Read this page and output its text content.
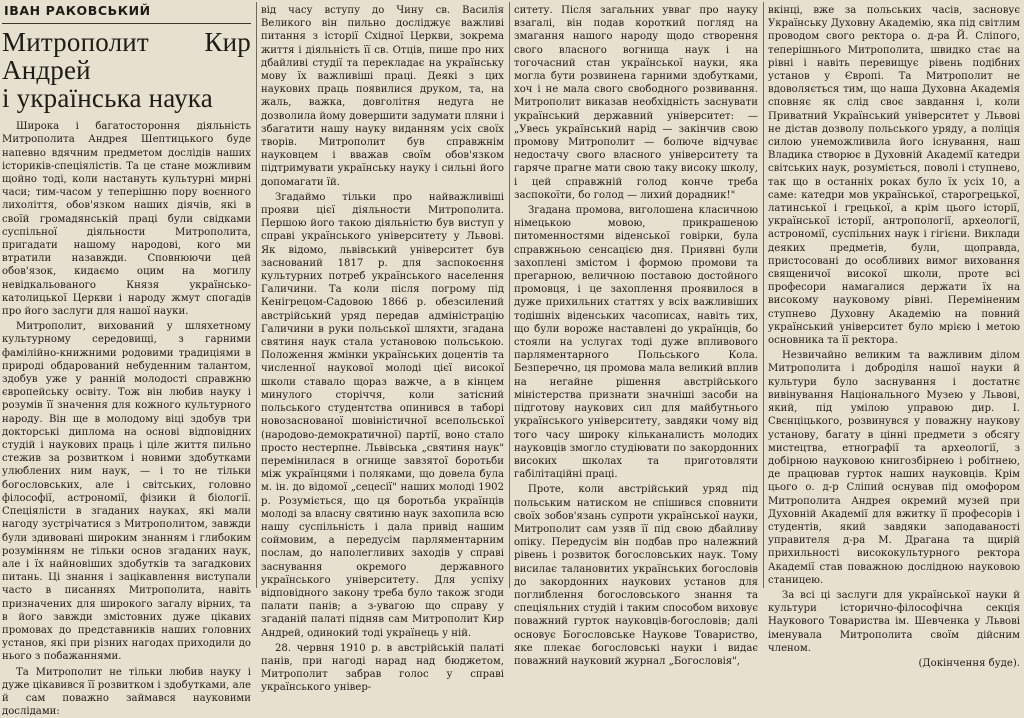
ІВАН РАКОВСЬКИЙ
Митрополит Кир Андрей
і українська наука

Широка і багатостороння діяльність Митрополита Андрея Шептицького буде напевно вдячним предметом дослідів наших істориків-спеціялістів. Та це стане можливим щойно тоді, коли настануть культурні мирні часи; тим-часом у теперішню пору воєнного лихоліття, обов'язком наших діячів, які в своїй громадянській праці були свідками суспільної діяльности Митрополита, пригадати нашому народові, кого ми втратили назавжди. Сповнюючи цей обов'язок, кидаємо оцим на могилу невідкальованого Князя українсько-католицької Церкви і народу жмут спогадів про його заслуги для нашої науки.

Митрополит, вихований у шляхетному культурному середовищі, з гарними фамілійно-книжними родовими традиціями в природі обдарований небуденним талантом, здобув уже у ранній молодості справжню європейську освіту. Тож він любив науку і розумів її значення для кожного культурного народу. Він ще в молодому віці здобув три докторські диплома на основі відповідних студій і наукових праць і ціле життя пильно стежив за розвитком і новими здобутками улюблених ним наук, — і то не тільки богословських, але і світських, головно філософії, астрономії, фізики й біології. Спеціялісти в згаданих науках, які мали нагоду зустрічатися з Митрополитом, завжди були здивовані широким знанням і глибоким розумінням не тільки основ згаданих наук, але і їх найновіших здобутків та загадкових питань. Ці знання і зацікавлення виступали часто в писаннях Митрополита, навіть призначених для широкого загалу вірних, та в його завжди змістовних дуже цікавих промовах до представників наших головних установ, які при різних нагодах приходили до нього з побажаннями.

Та Митрополит не тільки любив науку і дуже цікавився її розвитком і здобутками, але й сам поважно займався науковими дослідами:

від часу вступу до Чину св. Василія Великого він пильно досліджує важливі питання з історії Східної Церкви, зокрема життя і діяльність її св. Отців, пише про них дбайливі студії та перекладає на українську мову їх важливіші праці. Деякі з цих наукових праць появилися друком, та, на жаль, важка, довголітня недуга не дозволила йому довершити задумати пляни і збагатити нашу науку виданням усіх своїх творів. Митрополит був справжнім науковцем і вважав своїм обов'язком підтримувати українську науку і сильні його допомагати їй.

Згадаймо тільки про найважливіші прояви цієї діяльности Митрополита. Першою його такою діяльністю був виступ у справі українського університету у Львові. Як відомо, львівський університет був заснований 1817 р. для заспокоєння культурних потреб українського населення Галичини. Та коли після погрому під Кенігрецом-Садовою 1866 р. обезсилений австрійський уряд передав адміністрацію Галичини в руки польської шляхти, згадана святиня наук стала установою польською. Положення жмінки українських доцентів та численної наукової молоді цієї високої школи ставало щораз важче, а в кінцем минулого сторіччя, коли затісний польського студентства опинився в таборі новозаснованої шовіністичної всепольської (народово-демократичної) партії, воно стало просто нестерпне. Львівська „святиня наук" перемінилася в огнище завзятої боротьби між українцями і поляками, що довела була м. ін. до відомої „сецесії" наших молоді 1902 р. Розуміється, що ця боротьба українців молоді за власну святиню наук захопила всю нашу суспільність і дала привід нашим соймовим, а передусім парляментарним послам, до наполегливих заходів у справі заснування окремого державного українського університету. Для успіху відповідного закону треба було також згоди палати панів; а з-увагою що справу у згаданій палаті підняв сам Митрополит Кир Андрей, одинокий тоді українець у ній.

28. червня 1910 р. в австрійській палаті панів, при нагоді нарад над бюджетом, Митрополит забрав голос у справі українського універ-

ситету. Після загальних увваг про науку взагалі, він подав короткий погляд на змагання нашого народу щодо створення свого власного вогнища наук і на тогочасний стан української науки, яка могла бути розвинена гарними здобутками, хоч і не мала свого свободного розвивання. Митрополит виказав необхідність заснувати український державний університет: — „Увесь український нарід — закінчив свою промову Митрополит — болюче відчуває недостачу свого власного університету та гаряче прагне мати свою таку високу школу, і цей справжній голод конче треба заспокоїти, бо голод — лихий дорадник!"

Згадана промова, виголошена класичною німецькою мовою, прикрашеною питоменностями віденської говірки, була справжньою сенсацією дня. Приявні були захоплені змістом і формою промови та прегарною, величною поставою достойного промовця, і це захоплення проявилося в дуже прихильних статтях у всіх важливіших тодішніх віденських часописах, навіть тих, що були вороже наставлені до українців, бо стояли на услугах тоді дуже впливового парляментарного Польського Кола. Безперечно, ця промова мала великий вплив на негайне рішення австрійського міністерства признати значніші засоби на підготову наукових сил для майбутнього українського університету, завдяки чому від того часу широку кільканалисть молодих науковців змогло студіювати по закордонних високих школах та приготовляти габілітаційні праці.

Проте, коли австрійський уряд під польським натиском не спішився сповнити своїх зобов'язань супроти української науки, Митрополит сам узяв її під свою дбайливу опіку. Передусім він подбав про належний рівень і розвиток богословських наук. Тому висилає талановитих українських богословів до закордонних наукових установ для поглиблення богословського знання та спеціяльних студій і таким способом виховує поважний гурток науковців-богословів; далі основує Богословське Наукове Товариство, яке плекає богословські науки і видає поважний науковий журнал „Богословія",

вкінці, вже за польських часів, засновує Українську Духовну Академію, яка під світлим проводом свого ректора о. д-ра Й. Сліпого, теперішнього Митрополита, швидко стає на рівні і навіть перевищує рівень подібних установ у Європі. Та Митрополит не вдоволяється тим, що наша Духовна Академія сповняє як слід своє завдання і, коли Приватний Український університет у Львові не дістав дозволу польського уряду, а поліція силою унеможливила його існування, наш Владика створює в Духовній Академії катедри світських наук, розуміється, поволі і ступнево, так що в останніх роках було їх усіх 10, а саме: катедри мов української, старогрецької, латинської і грецької, а крім цього історії, української історії, антропології, археології, астрономії, суспільних наук і гігієни. Виклади деяких предметів, були, щоправда, пристосовані до особливих вимог виховання священичої високої школи, проте всі професори намагалися держати їх на високому науковому рівні. Переміненим ступнево Духовну Академію на повний український університет було мрією і метою основника та її ректора.

Незвичайно великим та важливим ділом Митрополита і доброділя нашої науки й культури було заснування і достатнє вивінування Національного Музею у Львові, який, під умілою управою дир. І. Свєнціцького, розвинувся у поважну наукову установу, багату в цінні предмети з обсягу мистецтва, етнографії та археології, з добірною науковою книгозбірнею і робітнею, де працював гурток наших науковців. Крім цього о. д-р Сліпий оснував під омофором Митрополита Андрея окремий музей при Духовній Академії для вжитку її професорів і студентів, який завдяки заподаваності управителя д-ра М. Драгана та щирій прихильності висококультурного ректора Академії став поважною дослідною науковою станицею.

За всі ці заслуги для української науки й культури історично-філософічна секція Наукового Товариства ім. Шевченка у Львові іменувала Митрополита своїм дійсним членом.

(Докінчення буде).
